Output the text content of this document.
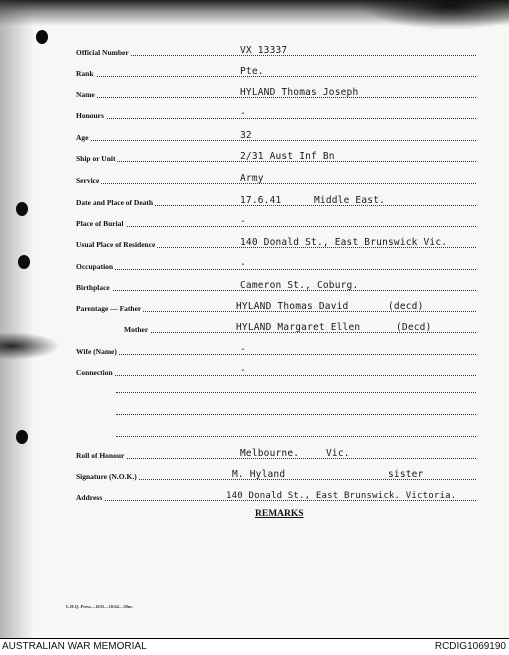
Official Number	VX 13337
Rank	Pte.
Name	HYLAND Thomas Joseph
Honours	-
Age	32
Ship or Unit	2/31 Aust Inf Bn
Service	Army
Date and Place of Death	17.6.41	Middle East.
Place of Burial	-
Usual Place of Residence	140 Donald St., East Brunswick Vic.
Occupation	-
Birthplace	Cameron St., Coburg.
Parentage — Father	HYLAND Thomas David	(decd)
Mother	HYLAND Margaret Ellen	(Decd)
Wife (Name)	-
Connection	-
Roll of Honour	Melbourne.	Vic.
Signature (N.O.K.)	M. Hyland	sister
Address	140 Donald St., East Brunswick. Victoria.
REMARKS
L.H.Q. Press—1635—10/44—30m.
AUSTRALIAN WAR MEMORIAL	RCDIG1069190
